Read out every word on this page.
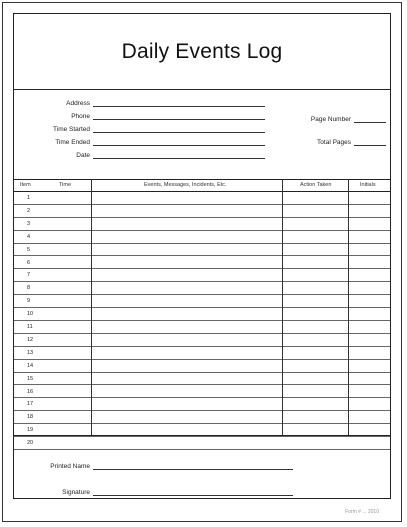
Daily Events Log
Address
Phone
Time Started
Time Ended
Date
Page Number
Total Pages
Item	Time	Events, Messages, Incidents, Etc.	Action Taken	Initials
1
2
3
4
5
6
7
8
9
10
11
12
13
14
15
16
17
18
19
20
Printed Name
Signature
Form # ... 2010
